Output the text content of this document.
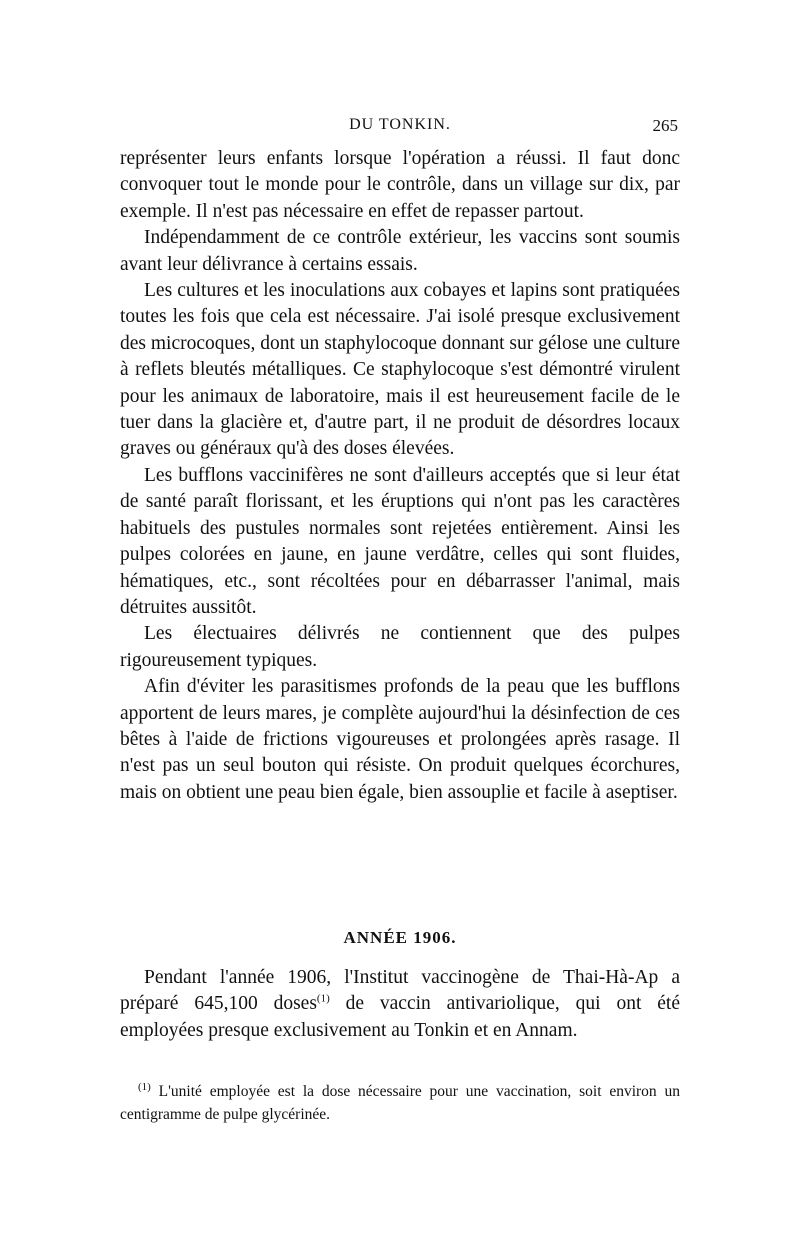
DU TONKIN.	265

représenter leurs enfants lorsque l'opération a réussi. Il faut donc convoquer tout le monde pour le contrôle, dans un village sur dix, par exemple. Il n'est pas nécessaire en effet de repasser partout.

Indépendamment de ce contrôle extérieur, les vaccins sont soumis avant leur délivrance à certains essais.

Les cultures et les inoculations aux cobayes et lapins sont pratiquées toutes les fois que cela est nécessaire. J'ai isolé presque exclusivement des microcoques, dont un staphylocoque donnant sur gélose une culture à reflets bleutés métalliques. Ce staphylocoque s'est démontré virulent pour les animaux de laboratoire, mais il est heureusement facile de le tuer dans la glacière et, d'autre part, il ne produit de désordres locaux graves ou généraux qu'à des doses élevées.

Les bufflons vaccinifères ne sont d'ailleurs acceptés que si leur état de santé paraît florissant, et les éruptions qui n'ont pas les caractères habituels des pustules normales sont rejetées entièrement. Ainsi les pulpes colorées en jaune, en jaune verdâtre, celles qui sont fluides, hématiques, etc., sont récoltées pour en débarrasser l'animal, mais détruites aussitôt.

Les électuaires délivrés ne contiennent que des pulpes rigoureusement typiques.

Afin d'éviter les parasitismes profonds de la peau que les bufflons apportent de leurs mares, je complète aujourd'hui la désinfection de ces bêtes à l'aide de frictions vigoureuses et prolongées après rasage. Il n'est pas un seul bouton qui résiste. On produit quelques écorchures, mais on obtient une peau bien égale, bien assouplie et facile à aseptiser.

ANNÉE 1906.

Pendant l'année 1906, l'Institut vaccinogène de Thai-Hà-Ap a préparé 645,100 doses$^{(1)}$ de vaccin antivariolique, qui ont été employées presque exclusivement au Tonkin et en Annam.

$^{(1)}$ L'unité employée est la dose nécessaire pour une vaccination, soit environ un centigramme de pulpe glycérinée.
